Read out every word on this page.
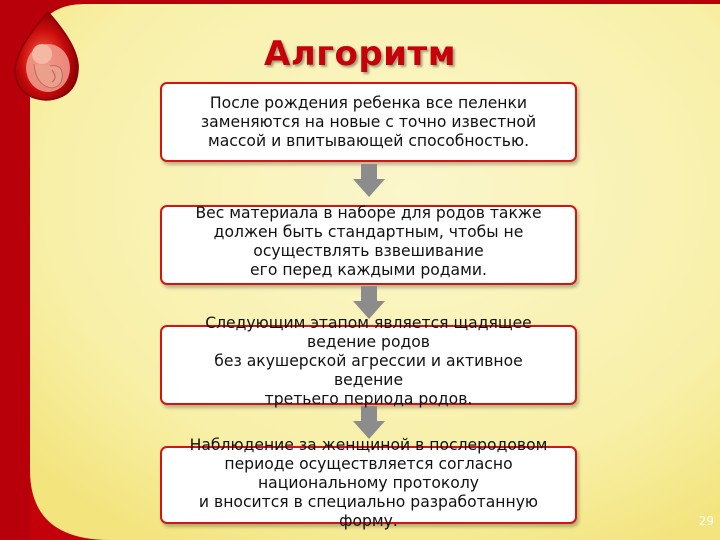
Алгоритм
После рождения ребенка все пеленки
заменяются на новые с точно известной
массой и впитывающей способностью.
Вес материала в наборе для родов также
должен быть стандартным, чтобы не
осуществлять взвешивание
его перед каждыми родами.
Следующим этапом является щадящее
ведение родов
без акушерской агрессии и активное
ведение
третьего периода родов.
Наблюдение за женщиной в послеродовом
периоде осуществляется согласно
национальному протоколу
и вносится в специально разработанную
форму.	29
